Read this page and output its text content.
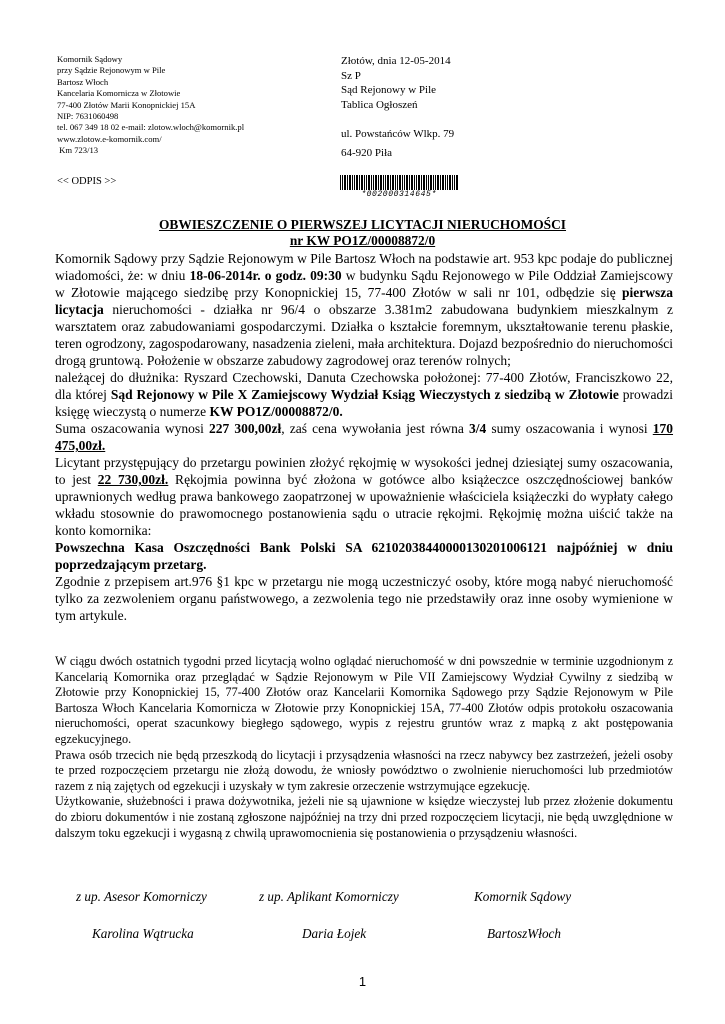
Komornik Sądowy
przy Sądzie Rejonowym w Pile
Bartosz Włoch
Kancelaria Komornicza w Złotowie
77-400 Złotów Marii Konopnickiej 15A
NIP: 7631060498
tel. 067 349 18 02 e-mail: zlotow.wloch@komornik.pl
www.zlotow.e-komornik.com/
Km 723/13
<< ODPIS >>
Złotów, dnia 12-05-2014
Sz P
Sąd Rejonowy w Pile
Tablica Ogłoszeń
ul. Powstańców Wlkp. 79
64-920 Piła
*002000314645*
OBWIESZCZENIE O PIERWSZEJ LICYTACJI NIERUCHOMOŚCI
nr KW PO1Z/00008872/0

Komornik Sądowy przy Sądzie Rejonowym w Pile Bartosz Włoch na podstawie art. 953 kpc podaje do publicznej wiadomości, że: w dniu 18-06-2014r. o godz. 09:30 w budynku Sądu Rejonowego w Pile Oddział Zamiejscowy w Złotowie mającego siedzibę przy Konopnickiej 15, 77-400 Złotów w sali nr 101, odbędzie się pierwsza licytacja nieruchomości - działka nr 96/4 o obszarze 3.381m2 zabudowana budynkiem mieszkalnym z warsztatem oraz zabudowaniami gospodarczymi. Działka o kształcie foremnym, ukształtowanie terenu płaskie, teren ogrodzony, zagospodarowany, nasadzenia zieleni, mała architektura. Dojazd bezpośrednio do nieruchomości drogą gruntową. Położenie w obszarze zabudowy zagrodowej oraz terenów rolnych;

należącej do dłużnika: Ryszard Czechowski, Danuta Czechowska położonej: 77-400 Złotów, Franciszkowo 22, dla której Sąd Rejonowy w Pile X Zamiejscowy Wydział Ksiąg Wieczystych z siedzibą w Złotowie prowadzi księgę wieczystą o numerze KW PO1Z/00008872/0.

Suma oszacowania wynosi 227 300,00zł, zaś cena wywołania jest równa 3/4 sumy oszacowania i wynosi 170 475,00zł.

Licytant przystępujący do przetargu powinien złożyć rękojmię w wysokości jednej dziesiątej sumy oszacowania, to jest 22 730,00zł. Rękojmia powinna być złożona w gotówce albo książeczce oszczędnościowej banków uprawnionych według prawa bankowego zaopatrzonej w upoważnienie właściciela książeczki do wypłaty całego wkładu stosownie do prawomocnego postanowienia sądu o utracie rękojmi. Rękojmię można uiścić także na konto komornika:

Powszechna Kasa Oszczędności Bank Polski SA 62102038440000130201006121 najpóźniej w dniu poprzedzającym przetarg.

Zgodnie z przepisem art.976 §1 kpc w przetargu nie mogą uczestniczyć osoby, które mogą nabyć nieruchomość tylko za zezwoleniem organu państwowego, a zezwolenia tego nie przedstawiły oraz inne osoby wymienione w tym artykule.

W ciągu dwóch ostatnich tygodni przed licytacją wolno oglądać nieruchomość w dni powszednie w terminie uzgodnionym z Kancelarią Komornika oraz przeglądać w Sądzie Rejonowym w Pile VII Zamiejscowy Wydział Cywilny z siedzibą w Złotowie przy Konopnickiej 15, 77-400 Złotów oraz Kancelarii Komornika Sądowego przy Sądzie Rejonowym w Pile Bartosza Włoch Kancelaria Komornicza w Złotowie przy Konopnickiej 15A, 77-400 Złotów odpis protokołu oszacowania nieruchomości, operat szacunkowy biegłego sądowego, wypis z rejestru gruntów wraz z mapką z akt postępowania egzekucyjnego.

Prawa osób trzecich nie będą przeszkodą do licytacji i przysądzenia własności na rzecz nabywcy bez zastrzeżeń, jeżeli osoby te przed rozpoczęciem przetargu nie złożą dowodu, że wniosły powództwo o zwolnienie nieruchomości lub przedmiotów razem z nią zajętych od egzekucji i uzyskały w tym zakresie orzeczenie wstrzymujące egzekucję.

Użytkowanie, służebności i prawa dożywotnika, jeżeli nie są ujawnione w księdze wieczystej lub przez złożenie dokumentu do zbioru dokumentów i nie zostaną zgłoszone najpóźniej na trzy dni przed rozpoczęciem licytacji, nie będą uwzględnione w dalszym toku egzekucji i wygasną z chwilą uprawomocnienia się postanowienia o przysądzeniu własności.

z up. Asesor Komorniczy	z up. Aplikant Komorniczy	Komornik Sądowy
Karolina Wątrucka	Daria Łojek	BartoszWłoch
1
